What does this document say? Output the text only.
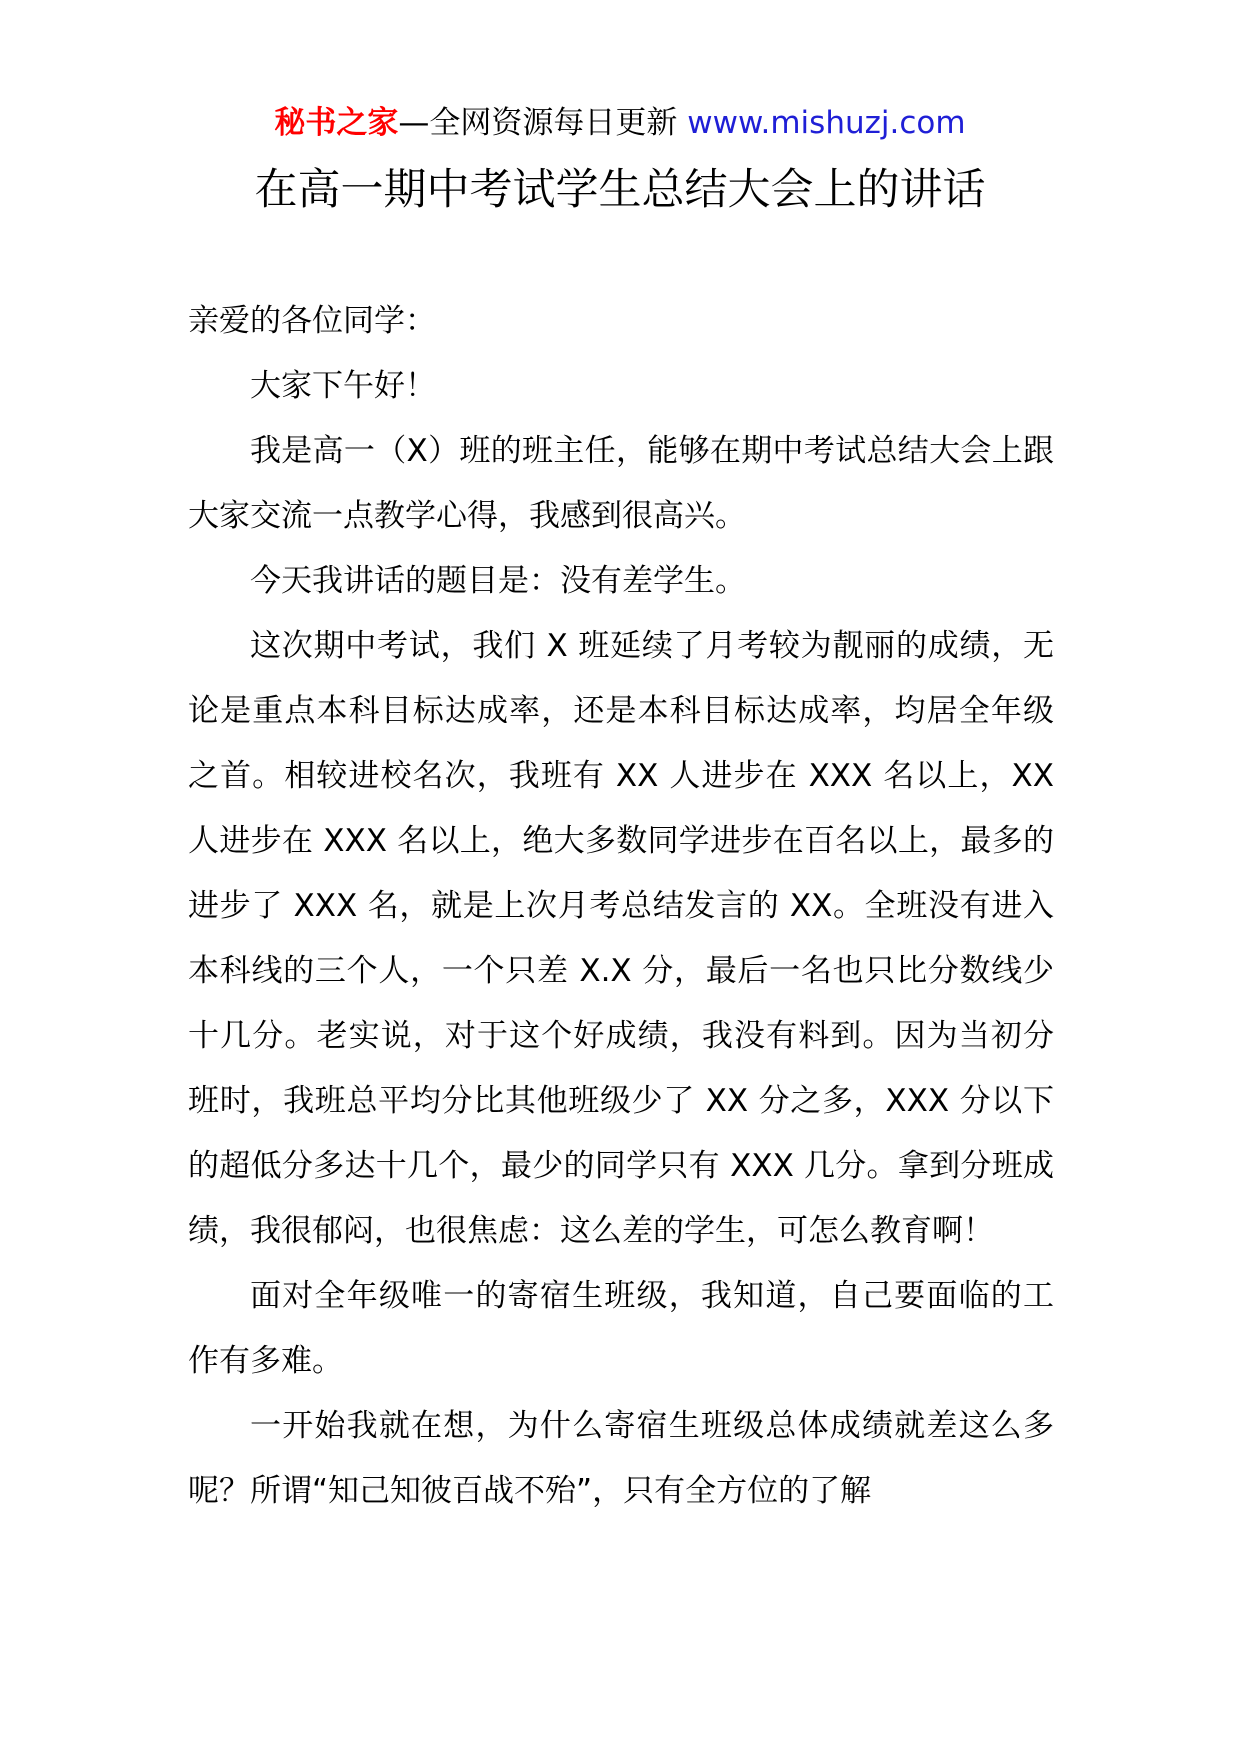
秘书之家—全网资源每日更新 www.mishuzj.com
在高一期中考试学生总结大会上的讲话

亲爱的各位同学：

大家下午好！

我是高一（X）班的班主任，能够在期中考试总结大会上跟大家交流一点教学心得，我感到很高兴。

今天我讲话的题目是：没有差学生。

这次期中考试，我们 X 班延续了月考较为靓丽的成绩，无论是重点本科目标达成率，还是本科目标达成率，均居全年级之首。相较进校名次，我班有 XX 人进步在 XXX 名以上，XX 人进步在 XXX 名以上，绝大多数同学进步在百名以上，最多的进步了 XXX 名，就是上次月考总结发言的 XX。全班没有进入本科线的三个人，一个只差 X.X 分，最后一名也只比分数线少十几分。老实说，对于这个好成绩，我没有料到。因为当初分班时，我班总平均分比其他班级少了 XX 分之多，XXX 分以下的超低分多达十几个，最少的同学只有 XXX 几分。拿到分班成绩，我很郁闷，也很焦虑：这么差的学生，可怎么教育啊！

面对全年级唯一的寄宿生班级，我知道，自己要面临的工作有多难。

一开始我就在想，为什么寄宿生班级总体成绩就差这么多呢？所谓“知己知彼百战不殆”，只有全方位的了解
